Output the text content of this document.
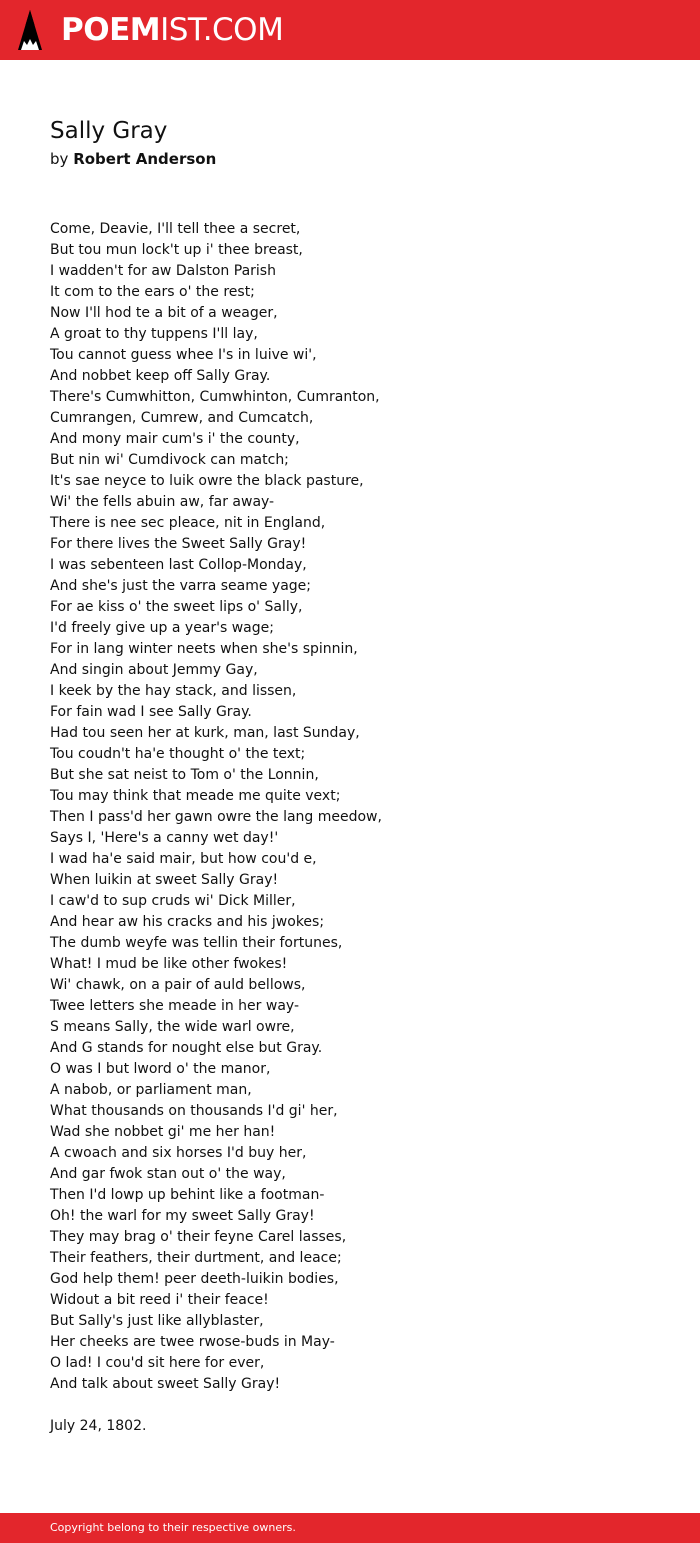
POEMIST.COM
Sally Gray
by Robert Anderson
Come, Deavie, I'll tell thee a secret,
But tou mun lock't up i' thee breast,
I wadden't for aw Dalston Parish
It com to the ears o' the rest;
Now I'll hod te a bit of a weager,
A groat to thy tuppens I'll lay,
Tou cannot guess whee I's in luive wi',
And nobbet keep off Sally Gray.
There's Cumwhitton, Cumwhinton, Cumranton,
Cumrangen, Cumrew, and Cumcatch,
And mony mair cum's i' the county,
But nin wi' Cumdivock can match;
It's sae neyce to luik owre the black pasture,
Wi' the fells abuin aw, far away-
There is nee sec pleace, nit in England,
For there lives the Sweet Sally Gray!
I was sebenteen last Collop-Monday,
And she's just the varra seame yage;
For ae kiss o' the sweet lips o' Sally,
I'd freely give up a year's wage;
For in lang winter neets when she's spinnin,
And singin about Jemmy Gay,
I keek by the hay stack, and lissen,
For fain wad I see Sally Gray.
Had tou seen her at kurk, man, last Sunday,
Tou coudn't ha'e thought o' the text;
But she sat neist to Tom o' the Lonnin,
Tou may think that meade me quite vext;
Then I pass'd her gawn owre the lang meedow,
Says I, 'Here's a canny wet day!'
I wad ha'e said mair, but how cou'd e,
When luikin at sweet Sally Gray!
I caw'd to sup cruds wi' Dick Miller,
And hear aw his cracks and his jwokes;
The dumb weyfe was tellin their fortunes,
What! I mud be like other fwokes!
Wi' chawk, on a pair of auld bellows,
Twee letters she meade in her way-
S means Sally, the wide warl owre,
And G stands for nought else but Gray.
O was I but lword o' the manor,
A nabob, or parliament man,
What thousands on thousands I'd gi' her,
Wad she nobbet gi' me her han!
A cwoach and six horses I'd buy her,
And gar fwok stan out o' the way,
Then I'd lowp up behint like a footman-
Oh! the warl for my sweet Sally Gray!
They may brag o' their feyne Carel lasses,
Their feathers, their durtment, and leace;
God help them! peer deeth-luikin bodies,
Widout a bit reed i' their feace!
But Sally's just like allyblaster,
Her cheeks are twee rwose-buds in May-
O lad! I cou'd sit here for ever,
And talk about sweet Sally Gray!
July 24, 1802.
Copyright belong to their respective owners.
